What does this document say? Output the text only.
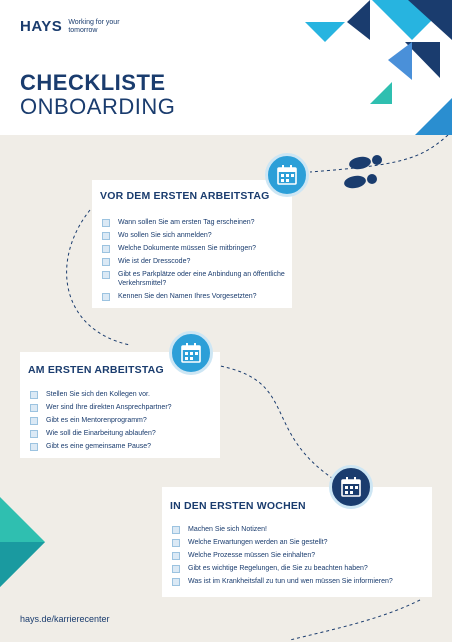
HAYS Working for your tomorrow
CHECKLISTE
ONBOARDING
VOR DEM ERSTEN ARBEITSTAG
Wann sollen Sie am ersten Tag erscheinen?
Wo sollen Sie sich anmelden?
Welche Dokumente müssen Sie mitbringen?
Wie ist der Dresscode?
Gibt es Parkplätze oder eine Anbindung an öffentliche Verkehrsmittel?
Kennen Sie den Namen Ihres Vorgesetzten?
AM ERSTEN ARBEITSTAG
Stellen Sie sich den Kollegen vor.
Wer sind Ihre direkten Ansprechpartner?
Gibt es ein Mentorenprogramm?
Wie soll die Einarbeitung ablaufen?
Gibt es eine gemeinsame Pause?
IN DEN ERSTEN WOCHEN
Machen Sie sich Notizen!
Welche Erwartungen werden an Sie gestellt?
Welche Prozesse müssen Sie einhalten?
Gibt es wichtige Regelungen, die Sie zu beachten haben?
Was ist im Krankheitsfall zu tun und wen müssen Sie informieren?
hays.de/karrierecenter
